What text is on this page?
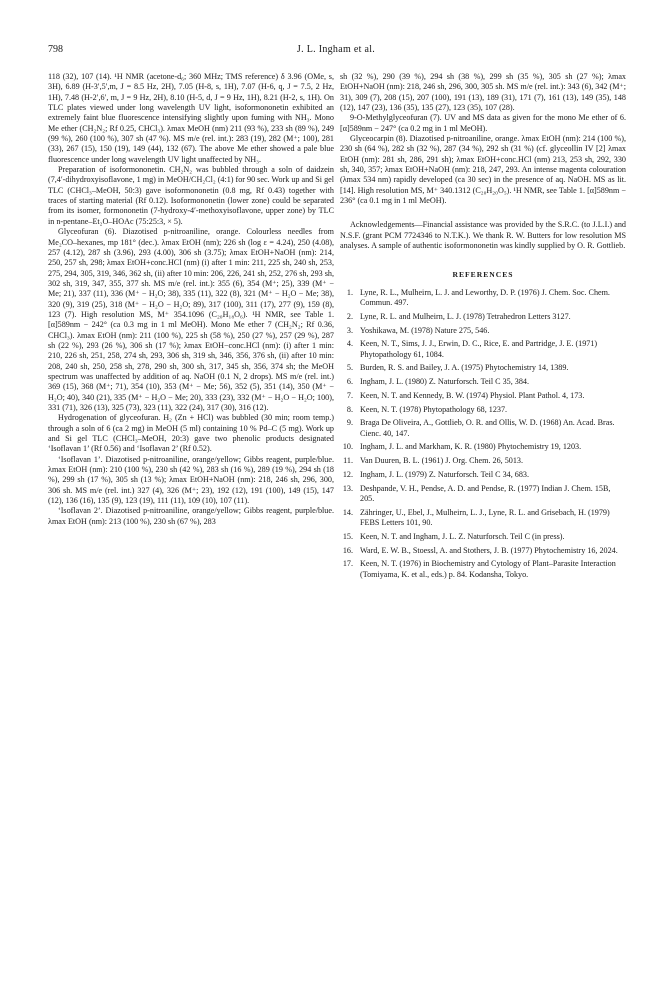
798	J. L. Ingham et al.

118 (32), 107 (14). ¹H NMR (acetone-d₆; 360 MHz; TMS reference) δ 3.96 (OMe, s, 3H), 6.89 (H-3′,5′,m, J = 8.5 Hz, 2H), 7.05 (H-8, s, 1H), 7.07 (H-6, q, J = 7.5, 2 Hz, 1H), 7.48 (H-2′,6′, m, J = 9 Hz, 2H), 8.10 (H-5, d, J = 9 Hz, 1H), 8.21 (H-2, s, 1H). On TLC plates viewed under long wavelength UV light, isoformononetin exhibited an extremely faint blue fluorescence intensifying slightly upon fuming with NH₃. Mono Me ether (CH₂N₂; Rf 0.25, CHCl₃). λmax MeOH (nm) 211 (93 %), 233 sh (89 %), 249 (99 %), 260 (100 %), 307 sh (47 %). MS m/e (rel. int.): 283 (19), 282 (M⁺; 100), 281 (33), 267 (15), 150 (19), 149 (44), 132 (67). The above Me ether showed a pale blue fluorescence under long wavelength UV light unaffected by NH₃.

Preparation of isoformononetin. CH₂N₂ was bubbled through a soln of daidzein (7,4′-dihydroxyisoflavone, 1 mg) in MeOH/CH₂Cl₂ (4:1) for 90 sec. Work up and Si gel TLC (CHCl₃–MeOH, 50:3) gave isoformononetin (0.8 mg, Rf 0.43) together with traces of starting material (Rf 0.12). Isoformononetin (lower zone) could be separated from its isomer, formononetin (7-hydroxy-4′-methoxyisoflavone, upper zone) by TLC in n-pentane–Et₂O–HOAc (75:25:3, × 5).

Glyceofuran (6). Diazotised p-nitroaniline, orange. Colourless needles from Me₂CO–hexanes, mp 181° (dec.). λmax EtOH (nm); 226 sh (log ε = 4.24), 250 (4.08), 257 (4.12), 287 sh (3.96), 293 (4.00), 306 sh (3.75); λmax EtOH+NaOH (nm): 214, 250, 257 sh, 298; λmax EtOH+conc.HCl (nm) (i) after 1 min: 211, 225 sh, 240 sh, 253, 275, 294, 305, 319, 346, 362 sh, (ii) after 10 min: 206, 226, 241 sh, 252, 276 sh, 293 sh, 302 sh, 319, 347, 355, 377 sh. MS m/e (rel. int.): 355 (6), 354 (M⁺; 25), 339 (M⁺ − Me; 21), 337 (11), 336 (M⁺ − H₂O; 38), 335 (11), 322 (8), 321 (M⁺ − H₂O − Me; 38), 320 (9), 319 (25), 318 (M⁺ − H₂O − H₂O; 89), 317 (100), 311 (17), 277 (9), 159 (8), 123 (7). High resolution MS, M⁺ 354.1096 (C₂₀H₁₈O₆). ¹H NMR, see Table 1. [α]589nm − 242° (ca 0.3 mg in 1 ml MeOH). Mono Me ether 7 (CH₂N₂; Rf 0.36, CHCl₃). λmax EtOH (nm): 211 (100 %), 225 sh (58 %), 250 (27 %), 257 (29 %), 287 sh (22 %), 293 (26 %), 306 sh (17 %); λmax EtOH−conc.HCl (nm): (i) after 1 min: 210, 226 sh, 251, 258, 274 sh, 293, 306 sh, 319 sh, 346, 356, 376 sh, (ii) after 10 min: 208, 240 sh, 250, 258 sh, 278, 290 sh, 300 sh, 317, 345 sh, 356, 374 sh; the MeOH spectrum was unaffected by addition of aq. NaOH (0.1 N, 2 drops). MS m/e (rel. int.) 369 (15), 368 (M⁺; 71), 354 (10), 353 (M⁺ − Me; 56), 352 (5), 351 (14), 350 (M⁺ − H₂O; 40), 340 (21), 335 (M⁺ − H₂O − Me; 20), 333 (23), 332 (M⁺ − H₂O − H₂O; 100), 331 (71), 326 (13), 325 (73), 323 (11), 322 (24), 317 (30), 316 (12).

Hydrogenation of glyceofuran. H₂ (Zn + HCl) was bubbled (30 min; room temp.) through a soln of 6 (ca 2 mg) in MeOH (5 ml) containing 10 % Pd–C (5 mg). Work up and Si gel TLC (CHCl₃–MeOH, 20:3) gave two phenolic products designated ‘Isoflavan 1’ (Rf 0.56) and ‘Isoflavan 2’ (Rf 0.52).

‘Isoflavan 1’. Diazotised p-nitroaniline, orange/yellow; Gibbs reagent, purple/blue. λmax EtOH (nm): 210 (100 %), 230 sh (42 %), 283 sh (16 %), 289 (19 %), 294 sh (18 %), 299 sh (17 %), 305 sh (13 %); λmax EtOH+NaOH (nm): 218, 246 sh, 296, 300, 306 sh. MS m/e (rel. int.) 327 (4), 326 (M⁺; 23), 192 (12), 191 (100), 149 (15), 147 (12), 136 (16), 135 (9), 123 (19), 111 (11), 109 (10), 107 (11).

‘Isoflavan 2’. Diazotised p-nitroaniline, orange/yellow; Gibbs reagent, purple/blue. λmax EtOH (nm): 213 (100 %), 230 sh (67 %), 283

sh (32 %), 290 (39 %), 294 sh (38 %), 299 sh (35 %), 305 sh (27 %); λmax EtOH+NaOH (nm): 218, 246 sh, 296, 300, 305 sh. MS m/e (rel. int.): 343 (6), 342 (M⁺; 31), 309 (7), 208 (15), 207 (100), 191 (13), 189 (31), 171 (7), 161 (13), 149 (35), 148 (12), 147 (23), 136 (35), 135 (27), 123 (35), 107 (28).

9-O-Methylglyceofuran (7). UV and MS data as given for the mono Me ether of 6. [α]589nm − 247° (ca 0.2 mg in 1 ml MeOH).

Glyceocarpin (8). Diazotised p-nitroaniline, orange. λmax EtOH (nm): 214 (100 %), 230 sh (64 %), 282 sh (32 %), 287 (34 %), 292 sh (31 %) (cf. glyceollin IV [2] λmax EtOH (nm): 281 sh, 286, 291 sh); λmax EtOH+conc.HCl (nm) 213, 253 sh, 292, 330 sh, 340, 357; λmax EtOH+NaOH (nm): 218, 247, 293. An intense magenta colouration (λmax 534 nm) rapidly developed (ca 30 sec) in the presence of aq. NaOH. MS as lit. [14]. High resolution MS, M⁺ 340.1312 (C₂₀H₂₀O₅). ¹H NMR, see Table 1. [α]589nm − 236° (ca 0.1 mg in 1 ml MeOH).

Acknowledgements—Financial assistance was provided by the S.R.C. (to J.L.I.) and N.S.F. (grant PCM 7724346 to N.T.K.). We thank R. W. Butters for low resolution MS analyses. A sample of authentic isoformononetin was kindly supplied by O. R. Gottlieb.

REFERENCES
1. Lyne, R. L., Mulheirn, L. J. and Leworthy, D. P. (1976) J. Chem. Soc. Chem. Commun. 497.
2. Lyne, R. L. and Mulheirn, L. J. (1978) Tetrahedron Letters 3127.
3. Yoshikawa, M. (1978) Nature 275, 546.
4. Keen, N. T., Sims, J. J., Erwin, D. C., Rice, E. and Partridge, J. E. (1971) Phytopathology 61, 1084.
5. Burden, R. S. and Bailey, J. A. (1975) Phytochemistry 14, 1389.
6. Ingham, J. L. (1980) Z. Naturforsch. Teil C 35, 384.
7. Keen, N. T. and Kennedy, B. W. (1974) Physiol. Plant Pathol. 4, 173.
8. Keen, N. T. (1978) Phytopathology 68, 1237.
9. Braga De Oliveira, A., Gottlieb, O. R. and Ollis, W. D. (1968) An. Acad. Bras. Cienc. 40, 147.
10. Ingham, J. L. and Markham, K. R. (1980) Phytochemistry 19, 1203.
11. Van Duuren, B. L. (1961) J. Org. Chem. 26, 5013.
12. Ingham, J. L. (1979) Z. Naturforsch. Teil C 34, 683.
13. Deshpande, V. H., Pendse, A. D. and Pendse, R. (1977) Indian J. Chem. 15B, 205.
14. Zähringer, U., Ebel, J., Mulheirn, L. J., Lyne, R. L. and Grisebach, H. (1979) FEBS Letters 101, 90.
15. Keen, N. T. and Ingham, J. L. Z. Naturforsch. Teil C (in press).
16. Ward, E. W. B., Stoessl, A. and Stothers, J. B. (1977) Phytochemistry 16, 2024.
17. Keen, N. T. (1976) in Biochemistry and Cytology of Plant–Parasite Interaction (Tomiyama, K. et al., eds.) p. 84. Kodansha, Tokyo.
